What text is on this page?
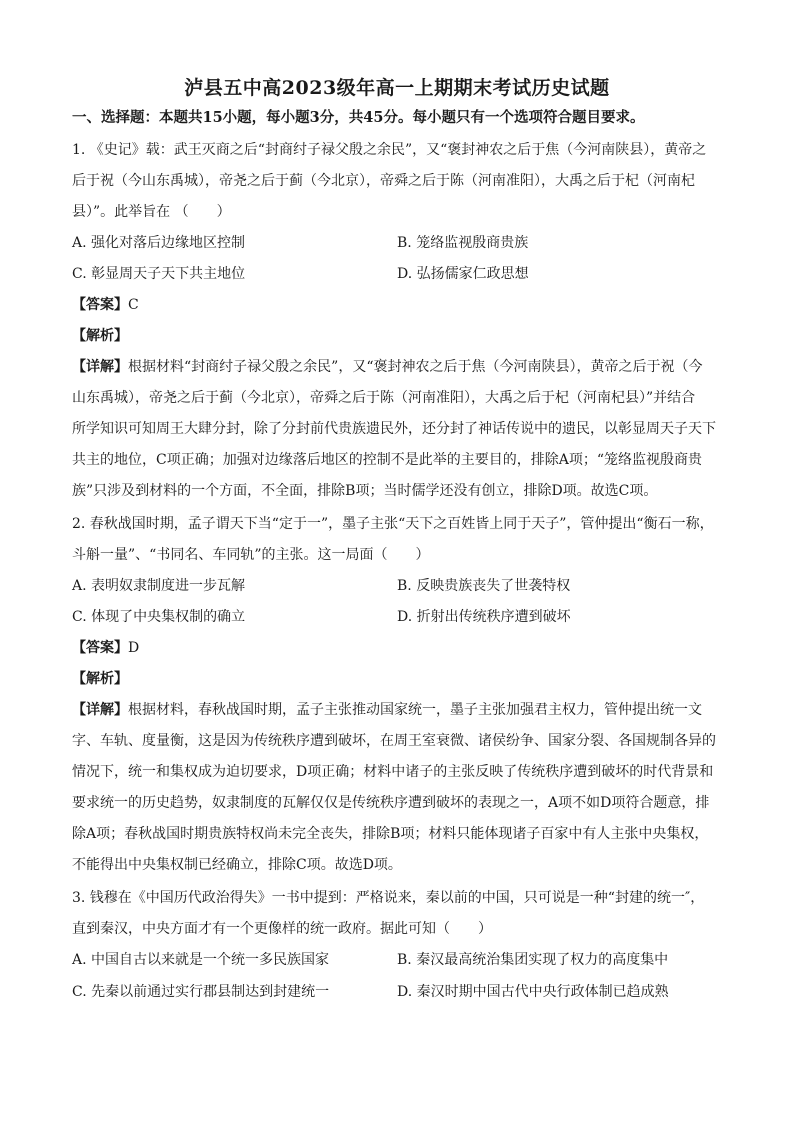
泸县五中高2023级年高一上期期末考试历史试题
一、选择题：本题共15小题，每小题3分，共45分。每小题只有一个选项符合题目要求。
1. 《史记》载：武王灭商之后“封商纣子禄父殷之余民”，又“褒封神农之后于焦（今河南陕县），黄帝之
后于祝（今山东禹城），帝尧之后于蓟（今北京），帝舜之后于陈（河南准阳），大禹之后于杞（河南杞
县）”。此举旨在 （　　）
A. 强化对落后边缘地区控制	B. 笼络监视殷商贵族
C. 彰显周天子天下共主地位	D. 弘扬儒家仁政思想
【答案】C
【解析】
【详解】根据材料“封商纣子禄父殷之余民”，又“褒封神农之后于焦（今河南陕县），黄帝之后于祝（今
山东禹城），帝尧之后于蓟（今北京），帝舜之后于陈（河南准阳），大禹之后于杞（河南杞县）”并结合
所学知识可知周王大肆分封，除了分封前代贵族遗民外，还分封了神话传说中的遗民，以彰显周天子天下
共主的地位，C项正确；加强对边缘落后地区的控制不是此举的主要目的，排除A项；“笼络监视殷商贵
族”只涉及到材料的一个方面，不全面，排除B项；当时儒学还没有创立，排除D项。故选C项。
2. 春秋战国时期，孟子谓天下当“定于一”，墨子主张“天下之百姓皆上同于天子”，管仲提出“衡石一称，
斗斛一量”、“书同名、车同轨”的主张。这一局面（　　）
A. 表明奴隶制度进一步瓦解	B. 反映贵族丧失了世袭特权
C. 体现了中央集权制的确立	D. 折射出传统秩序遭到破坏
【答案】D
【解析】
【详解】根据材料，春秋战国时期，孟子主张推动国家统一，墨子主张加强君主权力，管仲提出统一文
字、车轨、度量衡，这是因为传统秩序遭到破坏，在周王室衰微、诸侯纷争、国家分裂、各国规制各异的
情况下，统一和集权成为迫切要求，D项正确；材料中诸子的主张反映了传统秩序遭到破坏的时代背景和
要求统一的历史趋势，奴隶制度的瓦解仅仅是传统秩序遭到破坏的表现之一，A项不如D项符合题意，排
除A项；春秋战国时期贵族特权尚未完全丧失，排除B项；材料只能体现诸子百家中有人主张中央集权，
不能得出中央集权制已经确立，排除C项。故选D项。
3. 钱穆在《中国历代政治得失》一书中提到：严格说来，秦以前的中国，只可说是一种“封建的统一″，
直到秦汉，中央方面才有一个更像样的统一政府。据此可知（　　）
A. 中国自古以来就是一个统一多民族国家	B. 秦汉最高统治集团实现了权力的高度集中
C. 先秦以前通过实行郡县制达到封建统一	D. 秦汉时期中国古代中央行政体制已趋成熟
